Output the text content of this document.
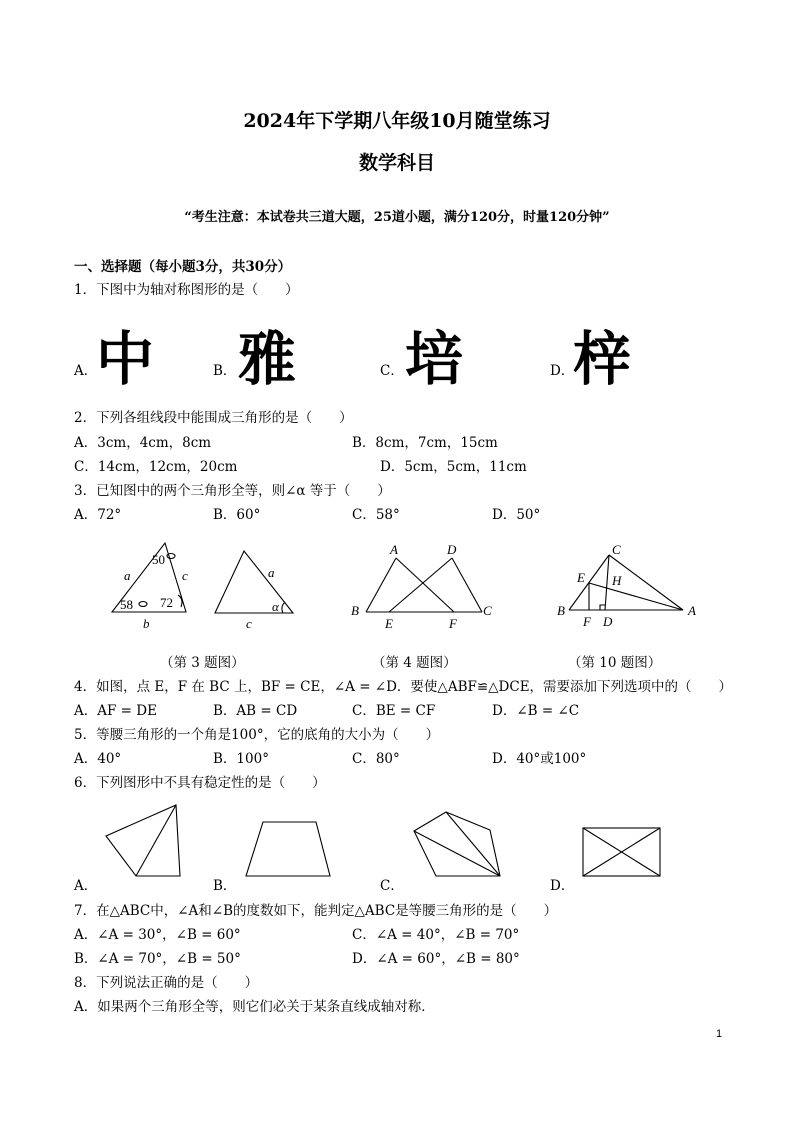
2024年下学期八年级10月随堂练习
数学科目
“考生注意：本试卷共三道大题，25道小题，满分120分，时量120分钟”
一、选择题（每小题3分，共30分）
1．下图中为轴对称图形的是（　　）
A．
中	B． 雅	C． 培	D．
梓
2．下列各组线段中能围成三角形的是（　　）
A．3cm，4cm，8cm	B．8cm，7cm，15cm
C．14cm，12cm，20cm	D．5cm，5cm，11cm
3．已知图中的两个三角形全等，则∠α 等于（　　）
A．72°	B．60°	C．58°	D．50°
a	c
b
50
58 72
a
c
α
A	D
B
E	F
C
C
E H
B
F D
A
（第 3 题图）	（第 4 题图）	（第 10 题图）
4．如图，点 E，F 在 BC 上，BF = CE，∠A = ∠D．要使△ABF≌△DCE，需要添加下列选项中的（　　）
A．AF = DE	B．AB = CD	C．BE = CF	D．∠B = ∠C
5．等腰三角形的一个角是100°，它的底角的大小为（　　）
A．40°	B．100°	C．80°	D．40°或100°
6．下列图形中不具有稳定性的是（　　）
A．	B．	C．	D．
7．在△ABC中，∠A和∠B的度数如下，能判定△ABC是等腰三角形的是（　　）
A．∠A = 30°，∠B = 60°	C．∠A = 40°，∠B = 70°
B．∠A = 70°，∠B = 50°	D．∠A = 60°，∠B = 80°
8．下列说法正确的是（　　）
A．如果两个三角形全等，则它们必关于某条直线成轴对称．
1
